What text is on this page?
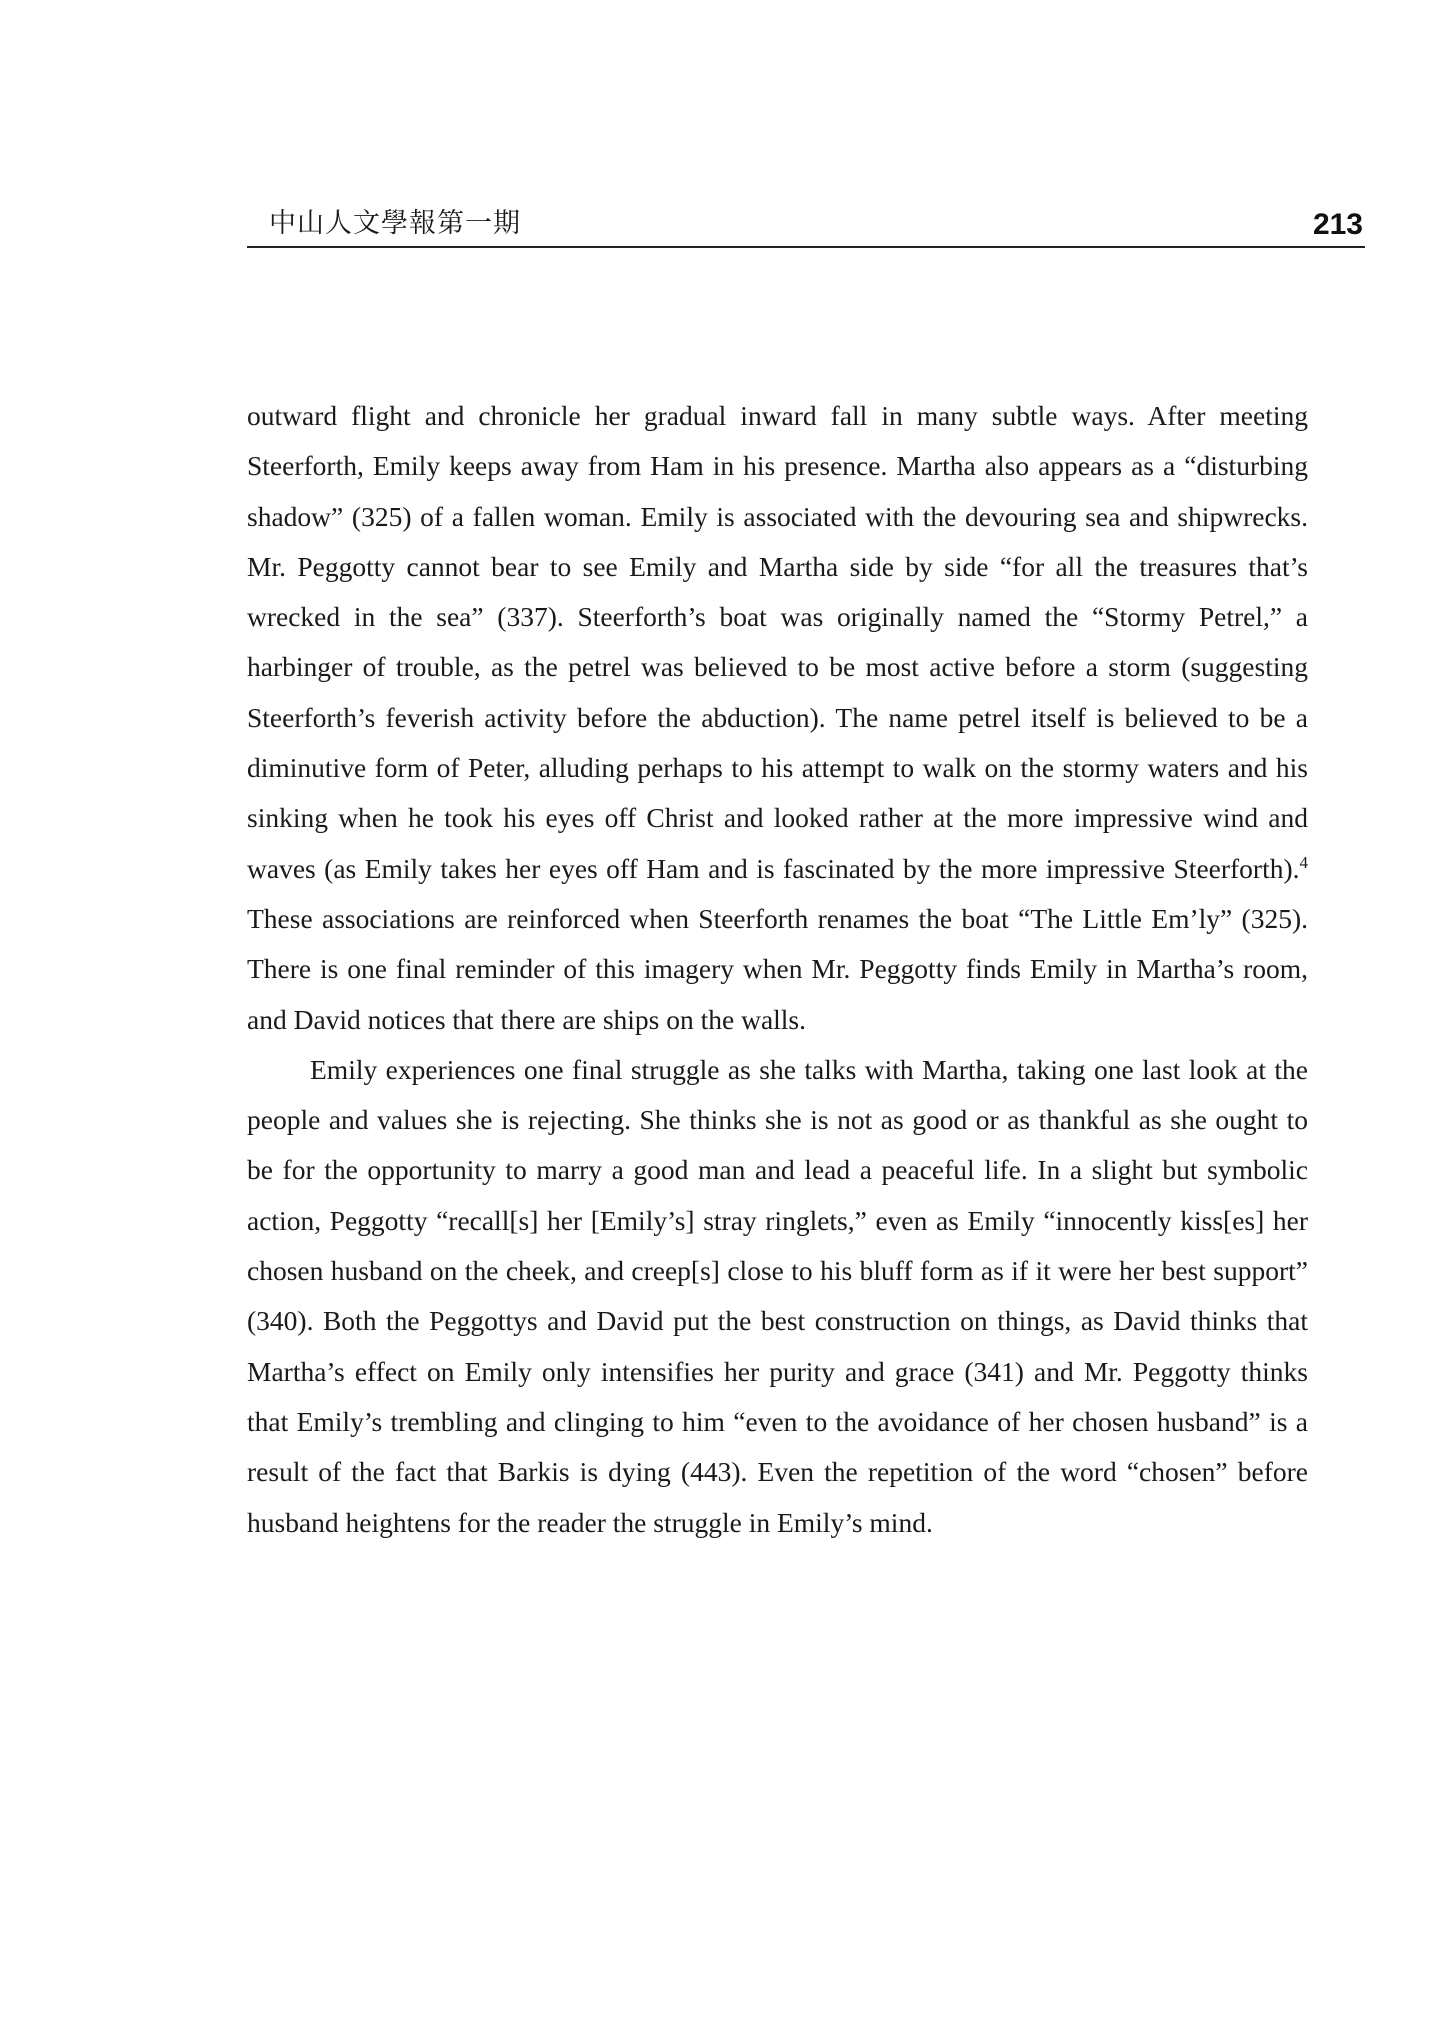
中山人文學報第一期	213

outward flight and chronicle her gradual inward fall in many subtle ways. After meeting Steerforth, Emily keeps away from Ham in his presence. Martha also appears as a “disturbing shadow” (325) of a fallen woman. Emily is associated with the devouring sea and shipwrecks. Mr. Peggotty cannot bear to see Emily and Martha side by side “for all the treasures that’s wrecked in the sea” (337). Steerforth’s boat was originally named the “Stormy Petrel,” a harbinger of trouble, as the petrel was believed to be most active before a storm (suggesting Steerforth’s feverish activity before the abduction). The name petrel itself is believed to be a diminutive form of Peter, alluding perhaps to his attempt to walk on the stormy waters and his sinking when he took his eyes off Christ and looked rather at the more impressive wind and waves (as Emily takes her eyes off Ham and is fascinated by the more impressive Steerforth).$^4$ These associations are reinforced when Steerforth renames the boat “The Little Em’ly” (325). There is one final reminder of this imagery when Mr. Peggotty finds Emily in Martha’s room, and David notices that there are ships on the walls.

Emily experiences one final struggle as she talks with Martha, taking one last look at the people and values she is rejecting. She thinks she is not as good or as thankful as she ought to be for the opportunity to marry a good man and lead a peaceful life. In a slight but symbolic action, Peggotty “recall[s] her [Emily’s] stray ringlets,” even as Emily “innocently kiss[es] her chosen husband on the cheek, and creep[s] close to his bluff form as if it were her best support” (340). Both the Peggottys and David put the best construction on things, as David thinks that Martha’s effect on Emily only intensifies her purity and grace (341) and Mr. Peggotty thinks that Emily’s trembling and clinging to him “even to the avoidance of her chosen husband” is a result of the fact that Barkis is dying (443). Even the repetition of the word “chosen” before husband heightens for the reader the struggle in Emily’s mind.
